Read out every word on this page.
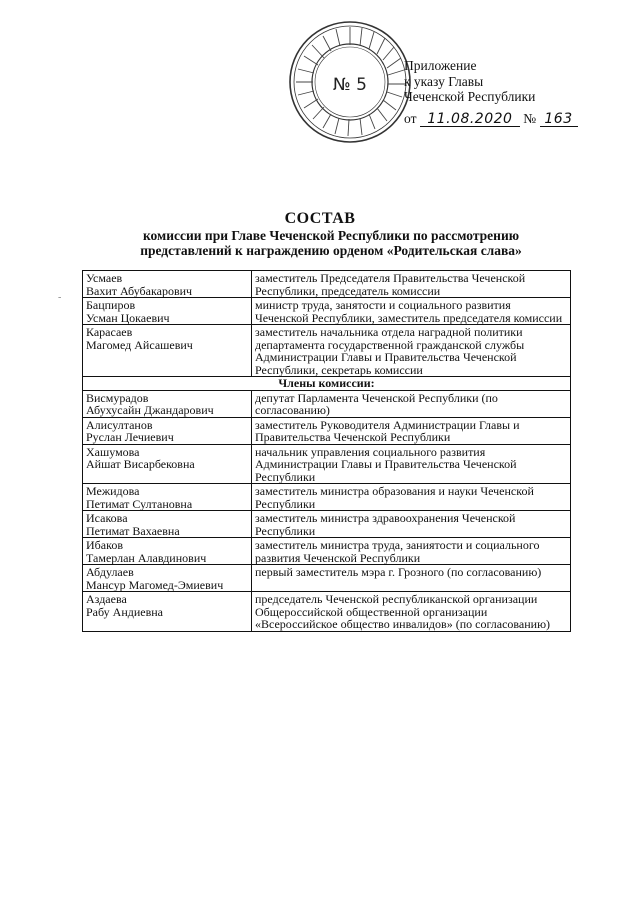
№ 5
Приложение
к указу Главы
Чеченской Республики
от 11.08.2020 № 163
СОСТАВ
комиссии при Главе Чеченской Республики по рассмотрению
представлений к награждению орденом «Родительская слава»
-
Усмаев
Вахит Абубакарович	заместитель Председателя Правительства Чеченской Республики, председатель комиссии

Бацпиров
Усман Цокаевич	министр труда, занятости и социального развития Чеченской Республики, заместитель председателя комиссии

Карасаев
Магомед Айсашевич	заместитель начальника отдела наградной политики департамента государственной гражданской службы Администрации Главы и Правительства Чеченской Республики, секретарь комиссии

Члены комиссии:	

Висмурадов
Абухусайн Джандарович	депутат Парламента Чеченской Республики (по согласованию)

Алисултанов
Руслан Лечиевич	заместитель Руководителя Администрации Главы и Правительства Чеченской Республики

Хашумова
Айшат Висарбековна	начальник управления социального развития Администрации Главы и Правительства Чеченской Республики

Межидова
Петимат Султановна	заместитель министра образования и науки Чеченской Республики

Исакова
Петимат Вахаевна	заместитель министра здравоохранения Чеченской Республики

Ибаков
Тамерлан Алавдинович	заместитель министра труда, заниятости и социального развития Чеченской Республики

Абдулаев
Мансур Магомед-Эмиевич	первый заместитель мэра г. Грозного (по согласованию)

Аздаева
Рабу Андиевна	председатель Чеченской республиканской организации Общероссийской общественной организации «Всероссийское общество инвалидов» (по согласованию)
